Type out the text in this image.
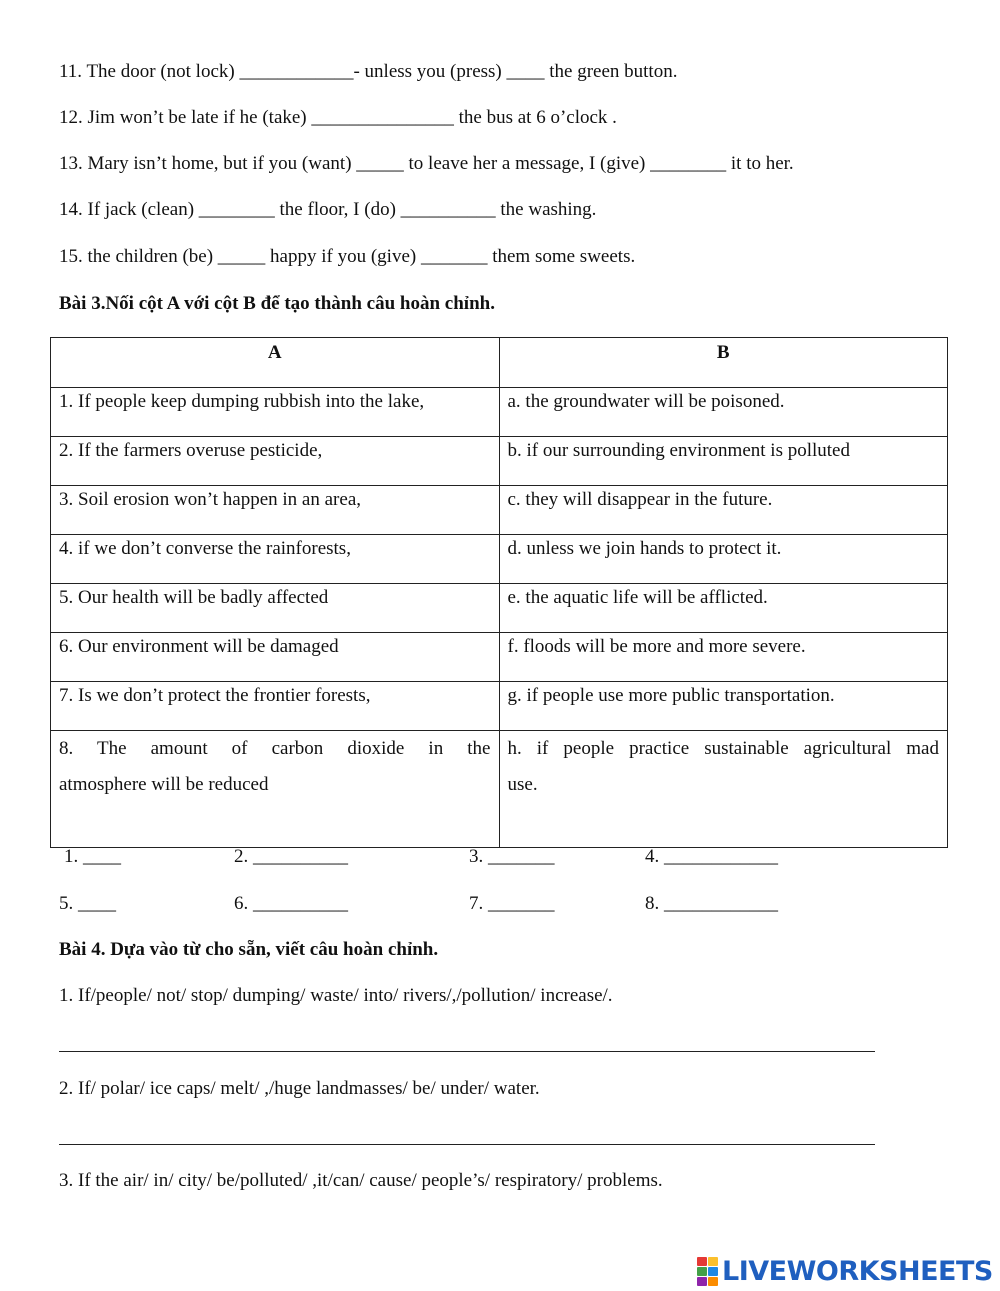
11. The door (not lock) ____________- unless you (press) ____ the green button.
12. Jim won’t be late if he (take) _______________ the bus at 6 o’clock .
13. Mary isn’t home, but if you (want) _____ to leave her a message, I (give) ________ it to her.
14. If jack (clean) ________ the floor, I (do) __________ the washing.
15. the children (be) _____ happy if you (give) _______ them some sweets.
Bài 3.Nối cột A với cột B để tạo thành câu hoàn chỉnh.
A	B
1. If people keep dumping rubbish into the lake,	a. the groundwater will be poisoned.
2. If the farmers overuse pesticide,	b. if our surrounding environment is polluted
3. Soil erosion won’t happen in an area,	c. they will disappear in the future.
4. if we don’t converse the rainforests,	d. unless we join hands to protect it.
5. Our health will be badly affected	e. the aquatic life will be afflicted.
6. Our environment will be damaged	f. floods will be more and more severe.
7. Is we don’t protect the frontier forests,	g. if people use more public transportation.

8. The amount of carbon dioxide in the
atmosphere will be reduced	h. if people practice sustainable agricultural mad
use.
1. ____	2. __________	3. _______	4. ____________
5. ____	6. __________	7. _______	8. ____________
Bài 4. Dựa vào từ cho sẵn, viết câu hoàn chỉnh.
1. If/people/ not/ stop/ dumping/ waste/ into/ rivers/,/pollution/ increase/.
2. If/ polar/ ice caps/ melt/ ,/huge landmasses/ be/ under/ water.
3. If the air/ in/ city/ be/polluted/ ,it/can/ cause/ people’s/ respiratory/ problems.
LIVEWORKSHEETS
